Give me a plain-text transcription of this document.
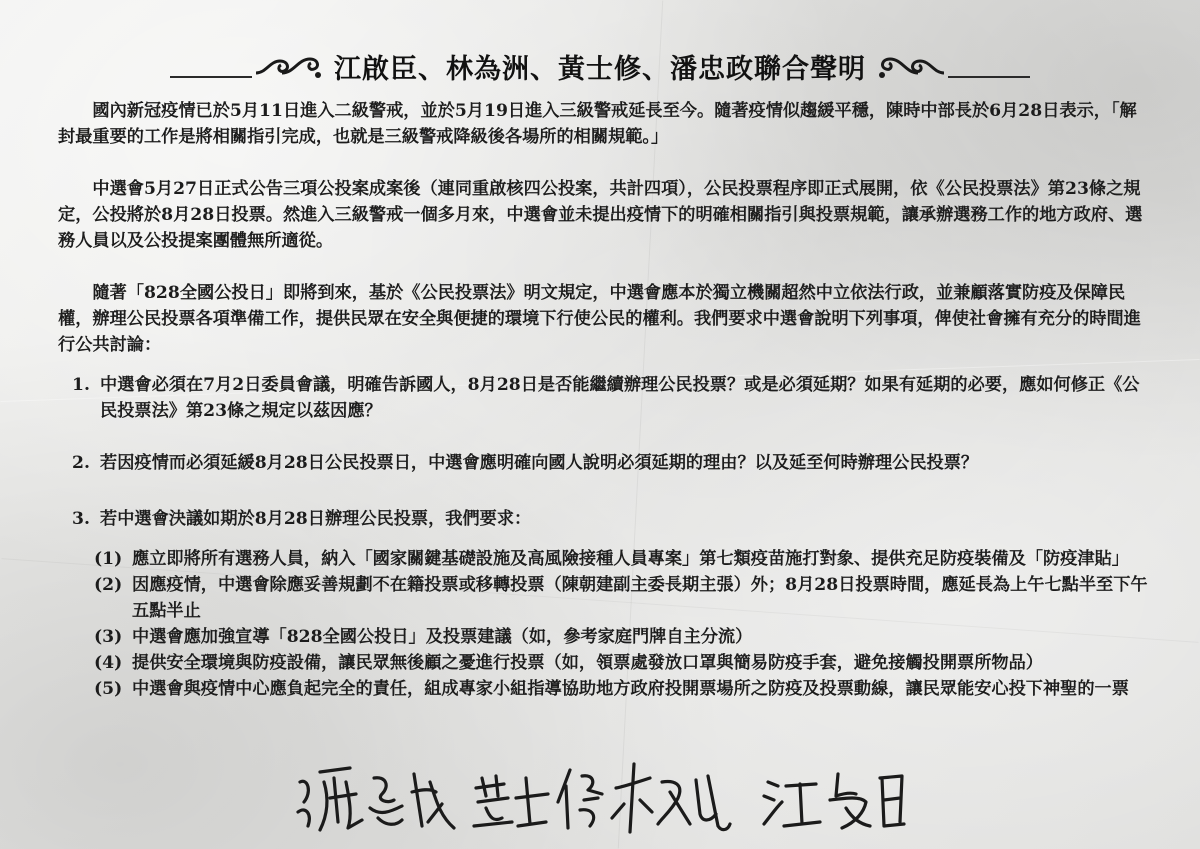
江啟臣、林為洲、黃士修、潘忠政聯合聲明

國內新冠疫情已於5月11日進入二級警戒，並於5月19日進入三級警戒延長至今。隨著疫情似趨緩平穩，陳時中部長於6月28日表示，「解封最重要的工作是將相關指引完成，也就是三級警戒降級後各場所的相關規範。」

中選會5月27日正式公告三項公投案成案後（連同重啟核四公投案，共計四項），公民投票程序即正式展開，依《公民投票法》第23條之規定，公投將於8月28日投票。然進入三級警戒一個多月來，中選會並未提出疫情下的明確相關指引與投票規範，讓承辦選務工作的地方政府、選務人員以及公投提案團體無所適從。

隨著「828全國公投日」即將到來，基於《公民投票法》明文規定，中選會應本於獨立機關超然中立依法行政，並兼顧落實防疫及保障民權，辦理公民投票各項準備工作，提供民眾在安全與便捷的環境下行使公民的權利。我們要求中選會說明下列事項，俾使社會擁有充分的時間進行公共討論：

1. 中選會必須在7月2日委員會議，明確告訴國人，8月28日是否能繼續辦理公民投票？或是必須延期？如果有延期的必要，應如何修正《公民投票法》第23條之規定以茲因應？
2. 若因疫情而必須延緩8月28日公民投票日，中選會應明確向國人說明必須延期的理由？以及延至何時辦理公民投票？
3. 若中選會決議如期於8月28日辦理公民投票，我們要求：
(1) 應立即將所有選務人員，納入「國家關鍵基礎設施及高風險接種人員專案」第七類疫苗施打對象、提供充足防疫裝備及「防疫津貼」
(2) 因應疫情，中選會除應妥善規劃不在籍投票或移轉投票（陳朝建副主委長期主張）外；8月28日投票時間，應延長為上午七點半至下午五點半止
(3) 中選會應加強宣導「828全國公投日」及投票建議（如，參考家庭門牌自主分流）
(4) 提供安全環境與防疫設備，讓民眾無後顧之憂進行投票（如，領票處發放口罩與簡易防疫手套，避免接觸投開票所物品）
(5) 中選會與疫情中心應負起完全的責任，組成專家小組指導協助地方政府投開票場所之防疫及投票動線，讓民眾能安心投下神聖的一票
